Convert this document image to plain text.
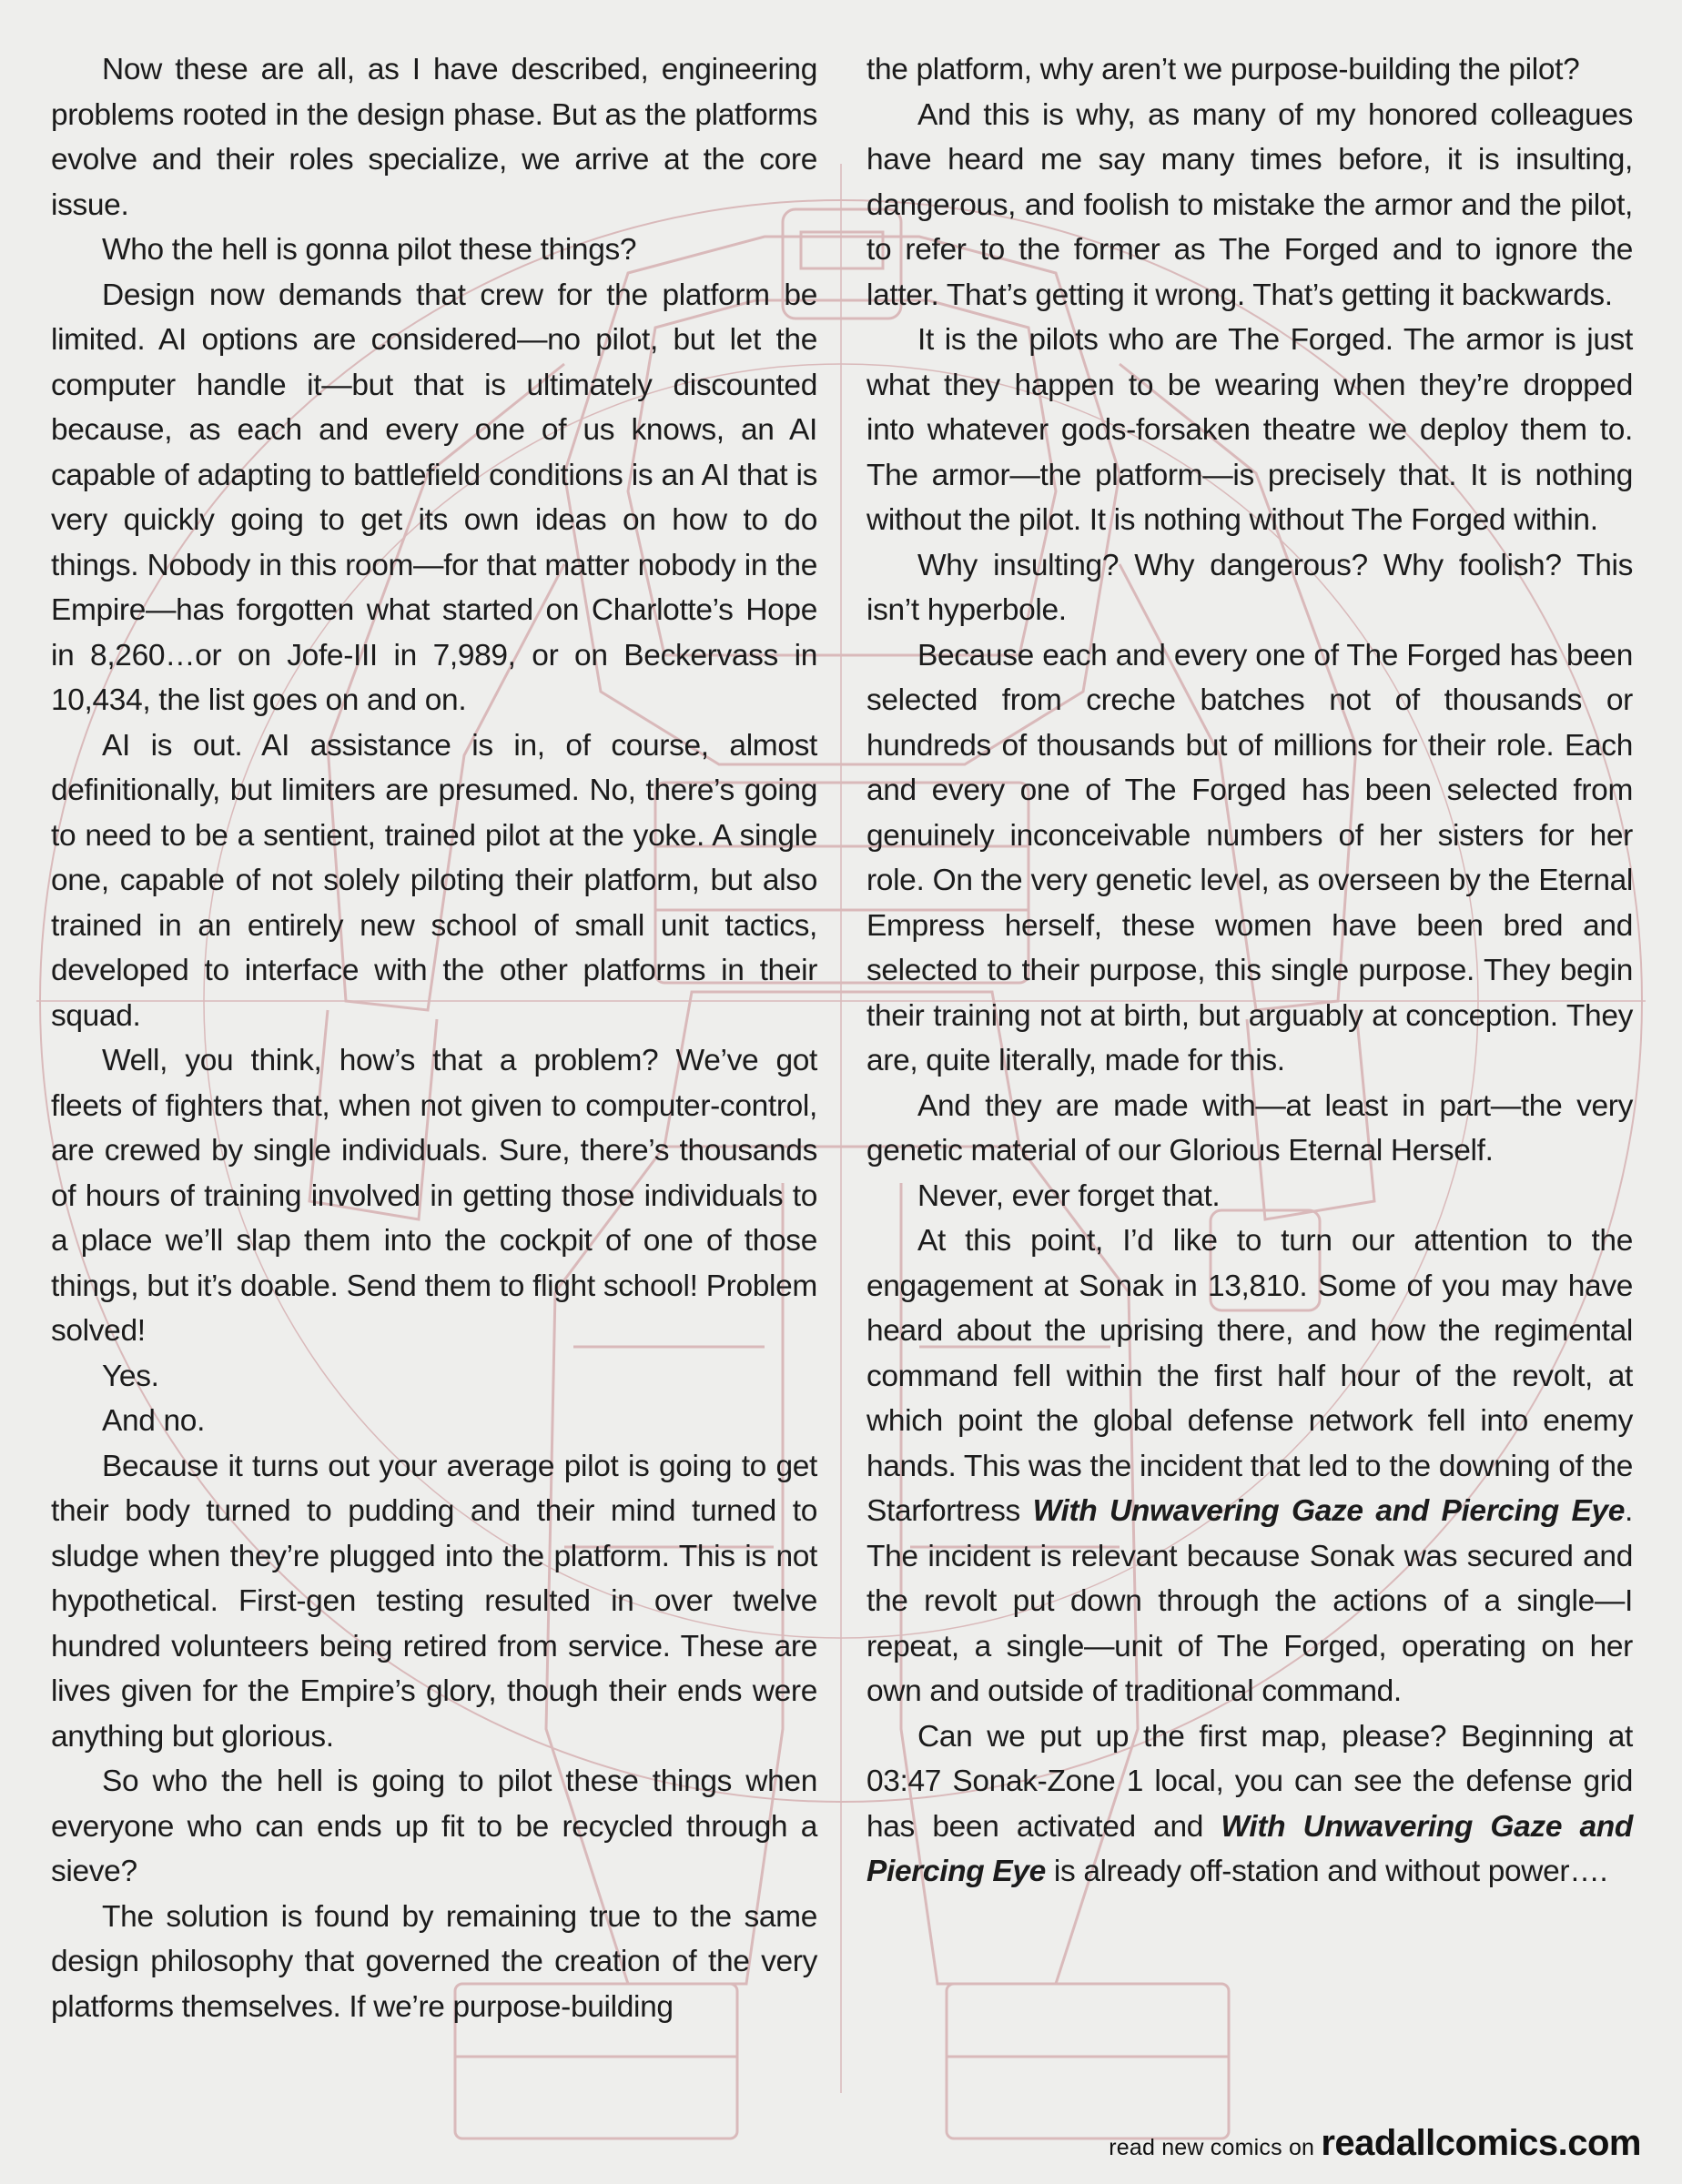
Now these are all, as I have described, engineering problems rooted in the design phase. But as the platforms evolve and their roles specialize, we arrive at the core issue.

Who the hell is gonna pilot these things?

Design now demands that crew for the platform be limited. AI options are considered—no pilot, but let the computer handle it—but that is ultimately discounted because, as each and every one of us knows, an AI capable of adapting to battlefield conditions is an AI that is very quickly going to get its own ideas on how to do things. Nobody in this room—for that matter nobody in the Empire—has forgotten what started on Charlotte’s Hope in 8,260…or on Jofe-III in 7,989, or on Beckervass in 10,434, the list goes on and on.

AI is out. AI assistance is in, of course, almost definitionally, but limiters are presumed. No, there’s going to need to be a sentient, trained pilot at the yoke. A single one, capable of not solely piloting their platform, but also trained in an entirely new school of small unit tactics, developed to interface with the other platforms in their squad.

Well, you think, how’s that a problem? We’ve got fleets of fighters that, when not given to computer-control, are crewed by single individuals. Sure, there’s thousands of hours of training involved in getting those individuals to a place we’ll slap them into the cockpit of one of those things, but it’s doable. Send them to flight school! Problem solved!

Yes.

And no.

Because it turns out your average pilot is going to get their body turned to pudding and their mind turned to sludge when they’re plugged into the platform. This is not hypothetical. First-gen testing resulted in over twelve hundred volunteers being retired from service. These are lives given for the Empire’s glory, though their ends were anything but glorious.

So who the hell is going to pilot these things when everyone who can ends up fit to be recycled through a sieve?

The solution is found by remaining true to the same design philosophy that governed the creation of the very platforms themselves. If we’re purpose-building

the platform, why aren’t we purpose-building the pilot?

And this is why, as many of my honored colleagues have heard me say many times before, it is insulting, dangerous, and foolish to mistake the armor and the pilot, to refer to the former as The Forged and to ignore the latter. That’s getting it wrong. That’s getting it backwards.

It is the pilots who are The Forged. The armor is just what they happen to be wearing when they’re dropped into whatever gods-forsaken theatre we deploy them to. The armor—the platform—is precisely that. It is nothing without the pilot. It is nothing without The Forged within.

Why insulting? Why dangerous? Why foolish? This isn’t hyperbole.

Because each and every one of The Forged has been selected from creche batches not of thousands or hundreds of thousands but of millions for their role. Each and every one of The Forged has been selected from genuinely inconceivable numbers of her sisters for her role. On the very genetic level, as overseen by the Eternal Empress herself, these women have been bred and selected to their purpose, this single purpose. They begin their training not at birth, but arguably at conception. They are, quite literally, made for this.

And they are made with—at least in part—the very genetic material of our Glorious Eternal Herself.

Never, ever forget that.

At this point, I’d like to turn our attention to the engagement at Sonak in 13,810. Some of you may have heard about the uprising there, and how the regimental command fell within the first half hour of the revolt, at which point the global defense network fell into enemy hands. This was the incident that led to the downing of the Starfortress With Unwavering Gaze and Piercing Eye. The incident is relevant because Sonak was secured and the revolt put down through the actions of a single—I repeat, a single—unit of The Forged, operating on her own and outside of traditional command.

Can we put up the first map, please? Beginning at 03:47 Sonak-Zone 1 local, you can see the defense grid has been activated and With Unwavering Gaze and Piercing Eye is already off-station and without power….

read new comics on readallcomics.com
